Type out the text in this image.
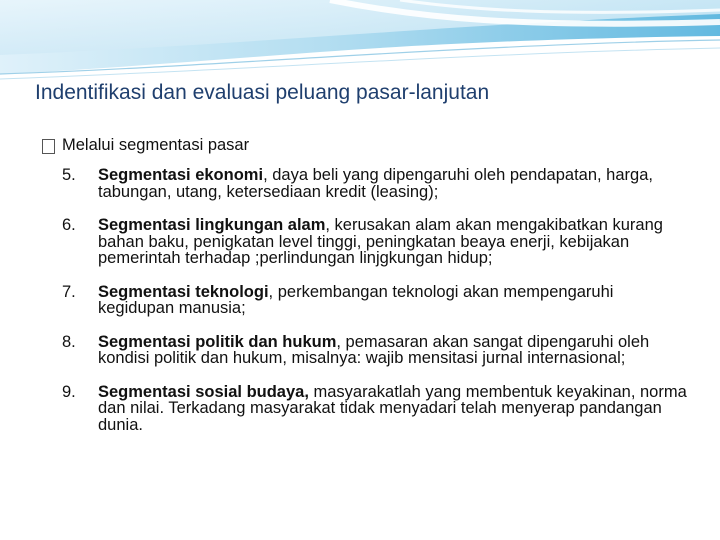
Indentifikasi dan evaluasi peluang pasar-lanjutan
Melalui segmentasi pasar
5.	Segmentasi ekonomi, daya beli yang dipengaruhi oleh pendapatan, harga, tabungan, utang, ketersediaan kredit (leasing);
6.	Segmentasi lingkungan alam, kerusakan alam akan mengakibatkan kurang bahan baku, penigkatan level tinggi, peningkatan beaya enerji, kebijakan pemerintah terhadap ;perlindungan linjgkungan hidup;
7.	Segmentasi teknologi, perkembangan teknologi akan mempengaruhi kegidupan manusia;
8.	Segmentasi politik dan hukum, pemasaran akan sangat dipengaruhi oleh kondisi politik dan hukum, misalnya: wajib mensitasi jurnal internasional;
9.	Segmentasi sosial budaya, masyarakatlah yang membentuk keyakinan, norma dan nilai. Terkadang masyarakat tidak menyadari telah menyerap pandangan dunia.
